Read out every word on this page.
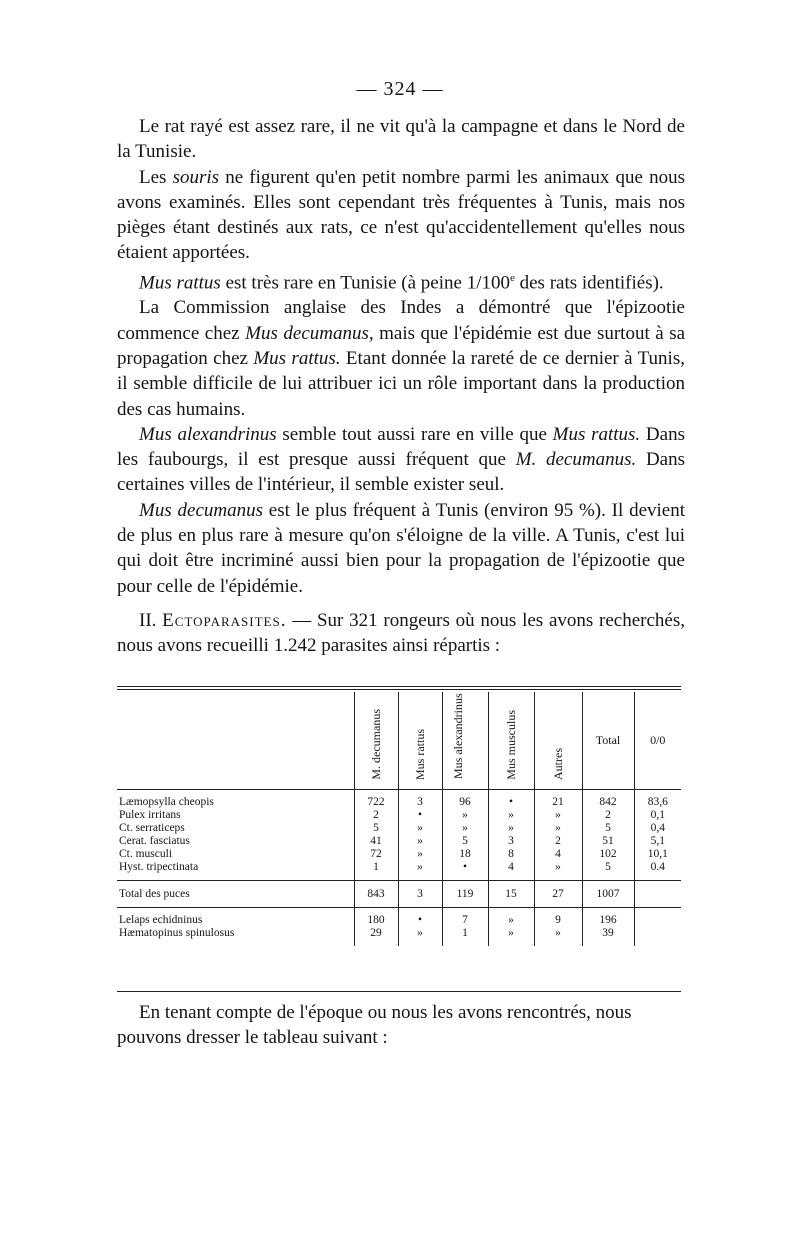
— 324 —

Le rat rayé est assez rare, il ne vit qu'à la campagne et dans le Nord de la Tunisie.

Les souris ne figurent qu'en petit nombre parmi les animaux que nous avons examinés. Elles sont cependant très fréquentes à Tunis, mais nos pièges étant destinés aux rats, ce n'est qu'accidentellement qu'elles nous étaient apportées.

Mus rattus est très rare en Tunisie (à peine 1/100e des rats identifiés).

La Commission anglaise des Indes a démontré que l'épizootie commence chez Mus decumanus, mais que l'épidémie est due surtout à sa propagation chez Mus rattus. Etant donnée la rareté de ce dernier à Tunis, il semble difficile de lui attribuer ici un rôle important dans la production des cas humains.

Mus alexandrinus semble tout aussi rare en ville que Mus rattus. Dans les faubourgs, il est presque aussi fréquent que M. decumanus. Dans certaines villes de l'intérieur, il semble exister seul.

Mus decumanus est le plus fréquent à Tunis (environ 95 %). Il devient de plus en plus rare à mesure qu'on s'éloigne de la ville. A Tunis, c'est lui qui doit être incriminé aussi bien pour la propagation de l'épizootie que pour celle de l'épidémie.

II. Ectoparasites. — Sur 321 rongeurs où nous les avons recherchés, nous avons recueilli 1.242 parasites ainsi répartis :

	M. decumanus	Mus rattus	Mus alexandrinus	Mus musculus	Autres	Total	0/0

Læmopsylla cheopis	722	3	96	•	21	842	83,6
Pulex irritans	2	•	»	»	»	2	0,1
Ct. serraticeps	5	»	»	»	»	5	0,4
Cerat. fasciatus	41	»	5	3	2	51	5,1
Ct. musculi	72	»	18	8	4	102	10,1
Hyst. tripectinata	1	»	•	4	»	5	0.4

Total des puces	843	3	119	15	27	1007	

Lelaps echidninus	180	•	7	»	9	196	
Hæmatopinus spinulosus	29	»	1	»	»	39	

En tenant compte de l'époque ou nous les avons rencontrés, nous pouvons dresser le tableau suivant :
